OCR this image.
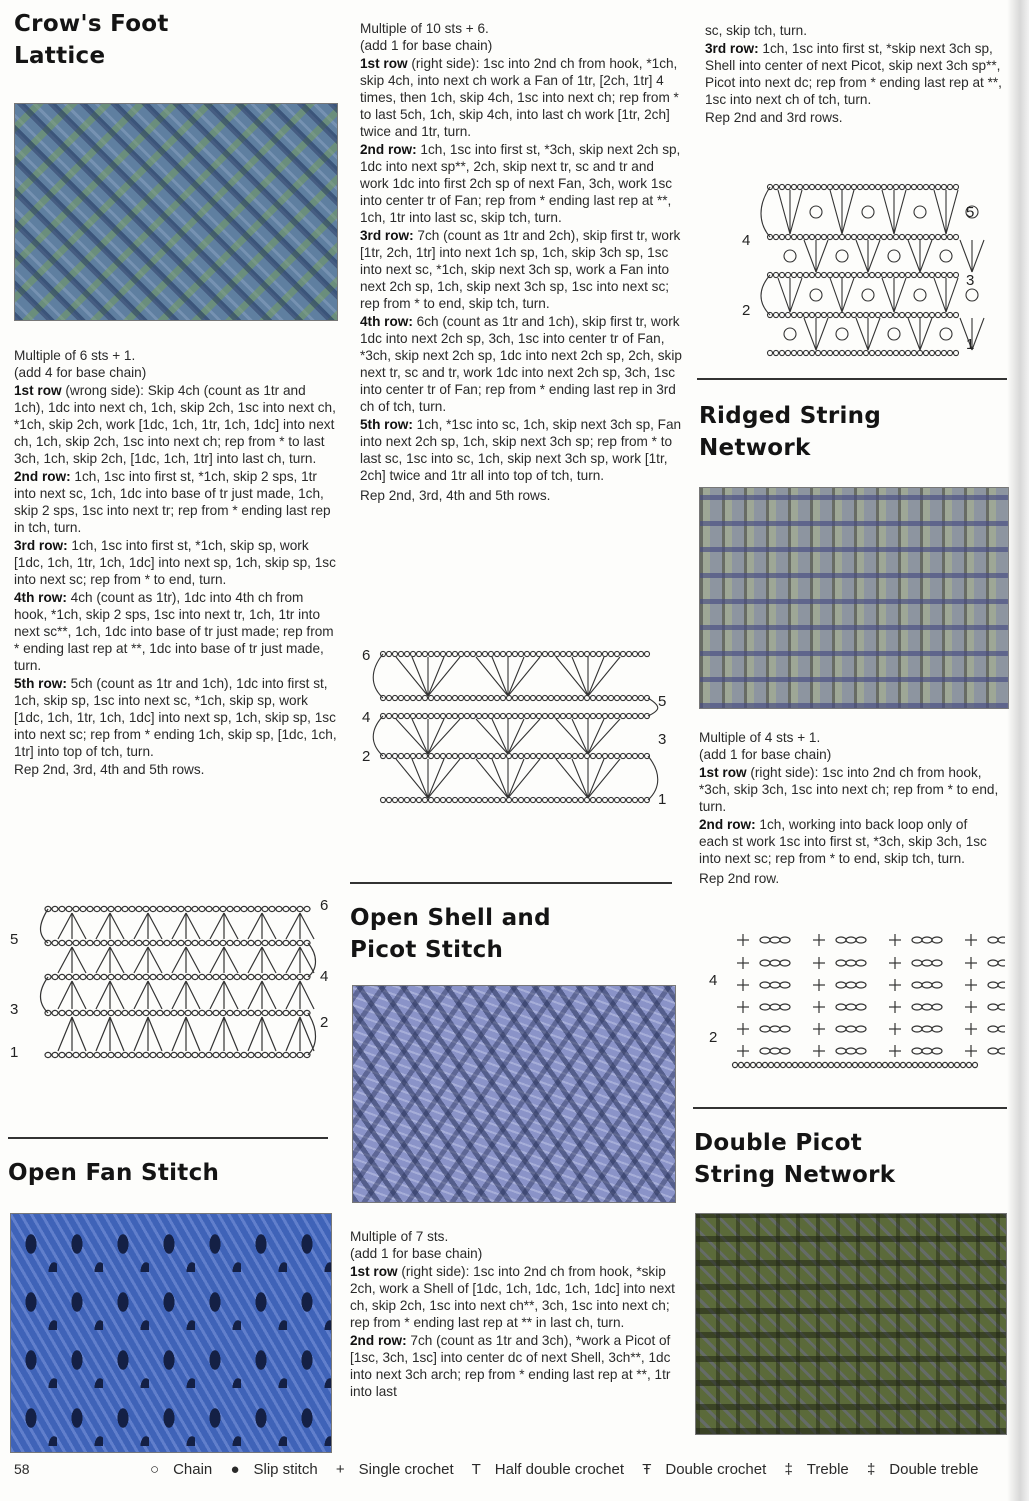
Crow's Foot
Lattice
Multiple of 6 sts + 1.
(add 4 for base chain)
1st row (wrong side): Skip 4ch (count as 1tr and 1ch), 1dc into next ch, 1ch, skip 2ch, 1sc into next ch, *1ch, skip 2ch, work [1dc, 1ch, 1tr, 1ch, 1dc] into next ch, 1ch, skip 2ch, 1sc into next ch; rep from * to last 3ch, 1ch, skip 2ch, [1dc, 1ch, 1tr] into last ch, turn.
2nd row: 1ch, 1sc into first st, *1ch, skip 2 sps, 1tr into next sc, 1ch, 1dc into base of tr just made, 1ch, skip 2 sps, 1sc into next tr; rep from * ending last rep in tch, turn.
3rd row: 1ch, 1sc into first st, *1ch, skip sp, work [1dc, 1ch, 1tr, 1ch, 1dc] into next sp, 1ch, skip sp, 1sc into next sc; rep from * to end, turn.
4th row: 4ch (count as 1tr), 1dc into 4th ch from hook, *1ch, skip 2 sps, 1sc into next tr, 1ch, 1tr into next sc**, 1ch, 1dc into base of tr just made; rep from * ending last rep at **, 1dc into base of tr just made, turn.
5th row: 5ch (count as 1tr and 1ch), 1dc into first st, 1ch, skip sp, 1sc into next sc, *1ch, skip sp, work [1dc, 1ch, 1tr, 1ch, 1dc] into next sp, 1ch, skip sp, 1sc into next sc; rep from * ending 1ch, skip sp, [1dc, 1ch, 1tr] into top of tch, turn.
Rep 2nd, 3rd, 4th and 5th rows.
6
5
4
3
2
1
Open Fan Stitch
Multiple of 10 sts + 6.
(add 1 for base chain)
1st row (right side): 1sc into 2nd ch from hook, *1ch, skip 4ch, into next ch work a Fan of 1tr, [2ch, 1tr] 4 times, then 1ch, skip 4ch, 1sc into next ch; rep from * to last 5ch, 1ch, skip 4ch, into last ch work [1tr, 2ch] twice and 1tr, turn.
2nd row: 1ch, 1sc into first st, *3ch, skip next 2ch sp, 1dc into next sp**, 2ch, skip next tr, sc and tr and work 1dc into first 2ch sp of next Fan, 3ch, work 1sc into center tr of Fan; rep from * ending last rep at **, 1ch, 1tr into last sc, skip tch, turn.
3rd row: 7ch (count as 1tr and 2ch), skip first tr, work [1tr, 2ch, 1tr] into next 1ch sp, 1ch, skip 3ch sp, 1sc into next sc, *1ch, skip next 3ch sp, work a Fan into next 2ch sp, 1ch, skip next 3ch sp, 1sc into next sc; rep from * to end, skip tch, turn.
4th row: 6ch (count as 1tr and 1ch), skip first tr, work 1dc into next 2ch sp, 3ch, 1sc into center tr of Fan, *3ch, skip next 2ch sp, 1dc into next 2ch sp, 2ch, skip next tr, sc and tr, work 1dc into next 2ch sp, 3ch, 1sc into center tr of Fan; rep from * ending last rep in 3rd ch of tch, turn.
5th row: 1ch, *1sc into sc, 1ch, skip next 3ch sp, Fan into next 2ch sp, 1ch, skip next 3ch sp; rep from * to last sc, 1sc into sc, 1ch, skip next 3ch sp, work [1tr, 2ch] twice and 1tr all into top of tch, turn.
Rep 2nd, 3rd, 4th and 5th rows.
6
5
4
3
2
1
Open Shell and
Picot Stitch
Multiple of 7 sts.
(add 1 for base chain)
1st row (right side): 1sc into 2nd ch from hook, *skip 2ch, work a Shell of [1dc, 1ch, 1dc, 1ch, 1dc] into next ch, skip 2ch, 1sc into next ch**, 3ch, 1sc into next ch; rep from * ending last rep at ** in last ch, turn.
2nd row: 7ch (count as 1tr and 3ch), *work a Picot of [1sc, 3ch, 1sc] into center dc of next Shell, 3ch**, 1dc into next 3ch arch; rep from * ending last rep at **, 1tr into last
sc, skip tch, turn.
3rd row: 1ch, 1sc into first st, *skip next 3ch sp, Shell into center of next Picot, skip next 3ch sp**, Picot into next dc; rep from * ending last rep at **, 1sc into next ch of tch, turn.
Rep 2nd and 3rd rows.
5
4
3
2
1
Ridged String
Network
Multiple of 4 sts + 1.
(add 1 for base chain)
1st row (right side): 1sc into 2nd ch from hook, *3ch, skip 3ch, 1sc into next ch; rep from * to end, turn.
2nd row: 1ch, working into back loop only of each st work 1sc into first st, *3ch, skip 3ch, 1sc into next sc; rep from * to end, skip tch, turn.
Rep 2nd row.
4
2
Double Picot
String Network
58	○ Chain ● Slip stitch + Single crochet T Half double crochet Ŧ Double crochet ‡ Treble ‡ Double treble
